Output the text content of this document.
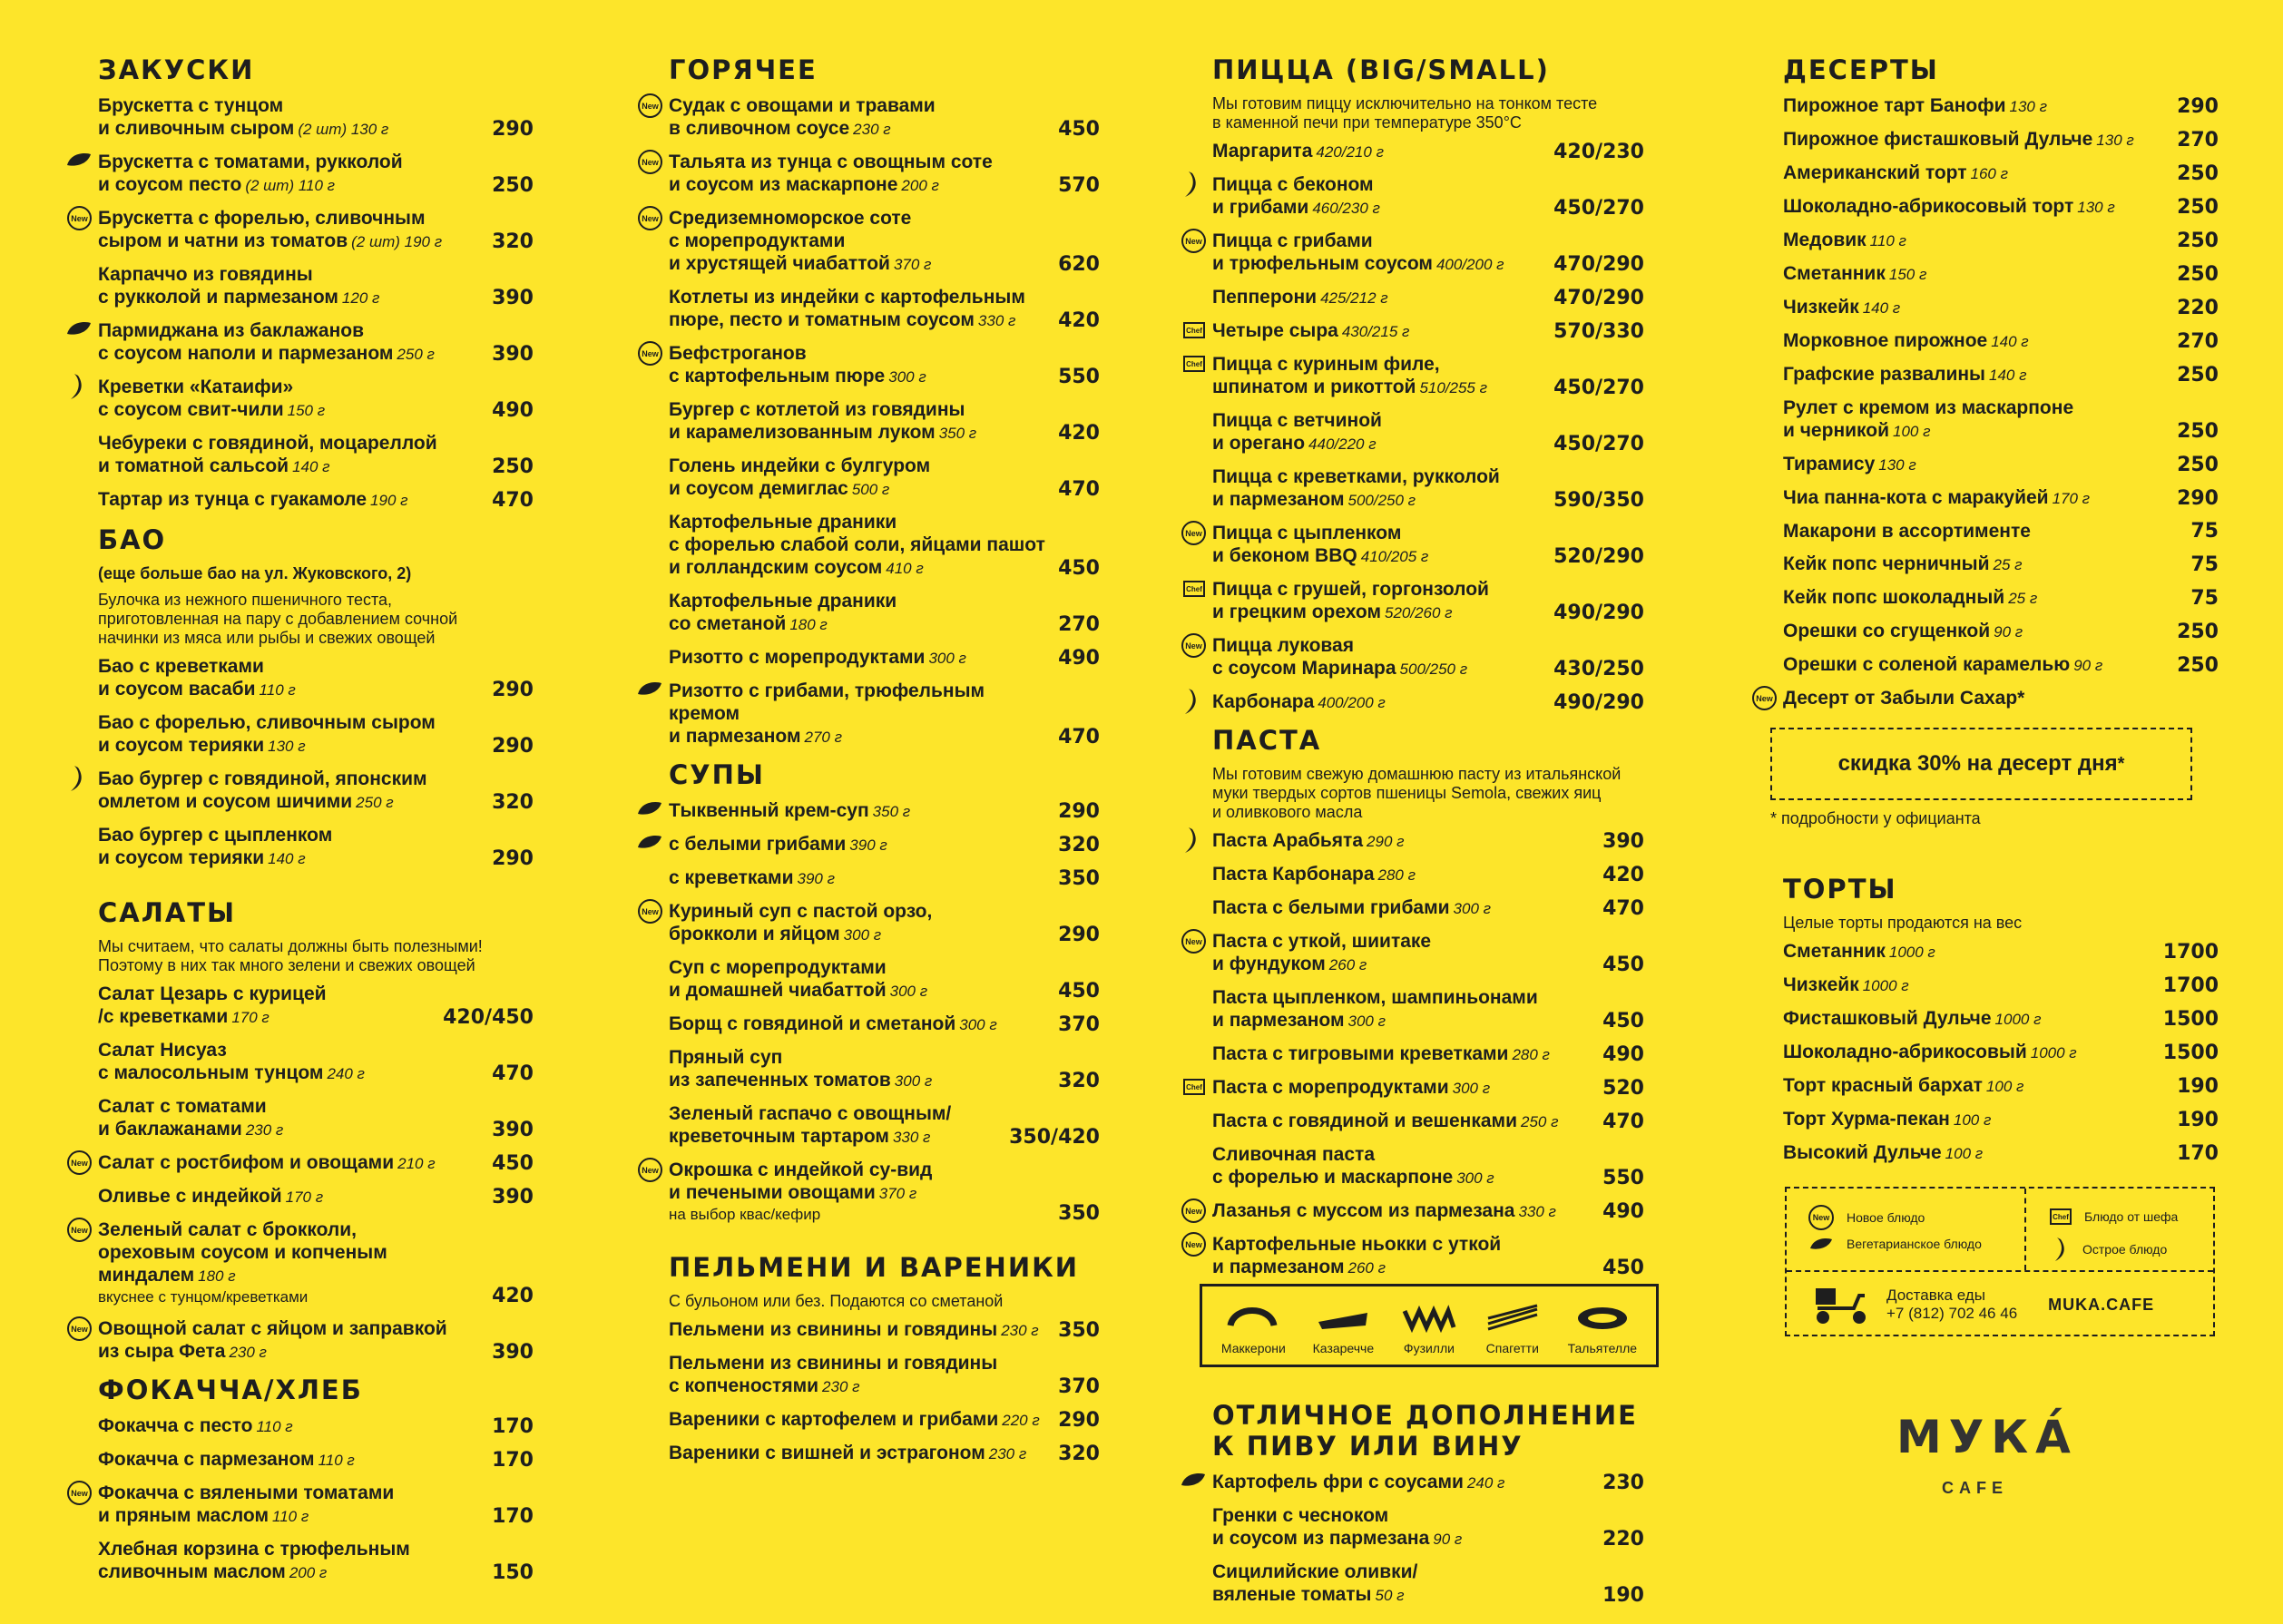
ЗАКУСКИ
Брускетта с тунцом
и сливочным сыром (2 шт) 130 г	290
Брускетта с томатами, рукколой
и соусом песто (2 шт) 110 г	250
New Брускетта с форелью, сливочным
сыром и чатни из томатов (2 шт) 190 г	320
Карпаччо из говядины
с рукколой и пармезаном 120 г	390
Пармиджана из баклажанов
с соусом наполи и пармезаном 250 г	390
Креветки «Катаифи»
с соусом свит-чили 150 г	490
Чебуреки с говядиной, моцареллой
и томатной сальсой 140 г	250
Тартар из тунца с гуакамоле 190 г	470
БАО
(еще больше бао на ул. Жуковского, 2)
Булочка из нежного пшеничного теста,
приготовленная на пару с добавлением сочной
начинки из мяса или рыбы и свежих овощей
Бао с креветками
и соусом васаби 110 г	290
Бао с форелью, сливочным сыром
и соусом терияки 130 г	290
Бао бургер с говядиной, японским
омлетом и соусом шичими 250 г	320
Бао бургер с цыпленком
и соусом терияки 140 г	290
САЛАТЫ
Мы считаем, что салаты должны быть полезными!
Поэтому в них так много зелени и свежих овощей
Салат Цезарь с курицей
/с креветками 170 г	420/450
Салат Нисуаз
с малосольным тунцом 240 г	470
Салат с томатами
и баклажанами 230 г	390
New Салат с ростбифом и овощами 210 г	450
Оливье с индейкой 170 г	390
New Зеленый салат с брокколи,
ореховым соусом и копченым
миндалем 180 г
вкуснее с тунцом/креветками	420
New Овощной салат с яйцом и заправкой
из сыра Фета 230 г	390
ФОКАЧЧА/ХЛЕБ
Фокачча с песто 110 г	170
Фокачча с пармезаном 110 г	170
New Фокачча с вялеными томатами
и пряным маслом 110 г	170
Хлебная корзина с трюфельным
сливочным маслом 200 г	150
ГОРЯЧЕЕ
New Судак с овощами и травами
в сливочном соусе 230 г	450
New Тальята из тунца с овощным соте
и соусом из маскарпоне 200 г	570
New Средиземноморское соте
с морепродуктами
и хрустящей чиабаттой 370 г	620
Котлеты из индейки с картофельным
пюре, песто и томатным соусом 330 г	420
New Бефстроганов
с картофельным пюре 300 г	550
Бургер с котлетой из говядины
и карамелизованным луком 350 г	420
Голень индейки с булгуром
и соусом демиглас 500 г	470
Картофельные драники
с форелью слабой соли, яйцами пашот
и голландским соусом 410 г	450
Картофельные драники
со сметаной 180 г	270
Ризотто с морепродуктами 300 г	490
Ризотто с грибами, трюфельным кремом
и пармезаном 270 г	470
СУПЫ
Тыквенный крем-суп 350 г	290
с белыми грибами 390 г	320
с креветками 390 г	350
New Куриный суп с пастой орзо,
брокколи и яйцом 300 г	290
Суп с морепродуктами
и домашней чиабаттой 300 г	450
Борщ с говядиной и сметаной 300 г	370
Пряный суп
из запеченных томатов 300 г	320
Зеленый гаспачо с овощным/
креветочным тартаром 330 г	350/420
New Окрошка с индейкой су-вид
и печеными овощами 370 г
на выбор квас/кефир	350
ПЕЛЬМЕНИ И ВАРЕНИКИ
С бульоном или без. Подаются со сметаной
Пельмени из свинины и говядины 230 г 350
Пельмени из свинины и говядины
с копченостями 230 г	370
Вареники с картофелем и грибами 220 г 290
Вареники с вишней и эстрагоном 230 г	320
ПИЦЦА (BIG/SMALL)
Мы готовим пиццу исключительно на тонком тесте
в каменной печи при температуре 350°С
Маргарита 420/210 г	420/230
Пицца с беконом
и грибами 460/230 г	450/270
New Пицца с грибами
и трюфельным соусом 400/200 г	470/290
Пепперони 425/212 г	470/290
Chef Четыре сыра 430/215 г	570/330
Chef Пицца с куриным филе,
шпинатом и рикоттой 510/255 г	450/270
Пицца с ветчиной
и орегано 440/220 г	450/270
Пицца с креветками, рукколой
и пармезаном 500/250 г	590/350
New Пицца с цыпленком
и беконом BBQ 410/205 г	520/290
Chef Пицца с грушей, горгонзолой
и грецким орехом 520/260 г	490/290
New Пицца луковая
с соусом Маринара 500/250 г	430/250
Карбонара 400/200 г	490/290
ПАСТА
Мы готовим свежую домашнюю пасту из итальянской
муки твердых сортов пшеницы Semola, свежих яиц
и оливкового масла
Паста Арабьята 290 г	390
Паста Карбонара 280 г	420
Паста с белыми грибами 300 г	470
New Паста с уткой, шиитаке
и фундуком 260 г	450
Паста цыпленком, шампиньонами
и пармезаном 300 г	450
Паста с тигровыми креветками 280 г	490
Chef Паста с морепродуктами 300 г	520
Паста с говядиной и вешенками 250 г	470
Сливочная паста
с форелью и маскарпоне 300 г	550
New Лазанья с муссом из пармезана 330 г	490
New Картофельные ньокки с уткой
и пармезаном 260 г	450
ОТЛИЧНОЕ ДОПОЛНЕНИЕ
К ПИВУ ИЛИ ВИНУ
Картофель фри с соусами 240 г	230
Гренки с чесноком
и соусом из пармезана 90 г	220
Сицилийские оливки/
вяленые томаты 50 г	190
ДЕСЕРТЫ
Пирожное тарт Банофи 130 г	290
Пирожное фисташковый Дульче 130 г	270
Американский торт 160 г	250
Шоколадно-абрикосовый торт 130 г	250
Медовик 110 г	250
Сметанник 150 г	250
Чизкейк 140 г	220
Морковное пирожное 140 г	270
Графские развалины 140 г	250
Рулет с кремом из маскарпоне
и черникой 100 г	250
Тирамису 130 г	250
Чиа панна-кота с маракуйей 170 г	290
Макарони в ассортименте	75
Кейк попс черничный 25 г	75
Кейк попс шоколадный 25 г	75
Орешки со сгущенкой 90 г	250
Орешки с соленой карамелью 90 г	250
New Десерт от Забыли Сахар*
скидка 30% на десерт дня *
* подробности у официанта
ТОРТЫ
Целые торты продаются на вес
Сметанник 1000 г	1700
Чизкейк 1000 г	1700
Фисташковый Дульче 1000 г	1500
Шоколадно-абрикосовый 1000 г	1500
Торт красный бархат 100 г	190
Торт Хурма-пекан 100 г	190
Высокий Дульче 100 г	170
Маккерони Казаречче Фузилли Спагетти Тальятелле
New	Новое блюдо
Вегетарианское блюдо
Chef Блюдо от шефа
Острое блюдо
Доставка еды
+7 (812) 702 46 46 MUKA.CAFE
МУКА́
CAFE
